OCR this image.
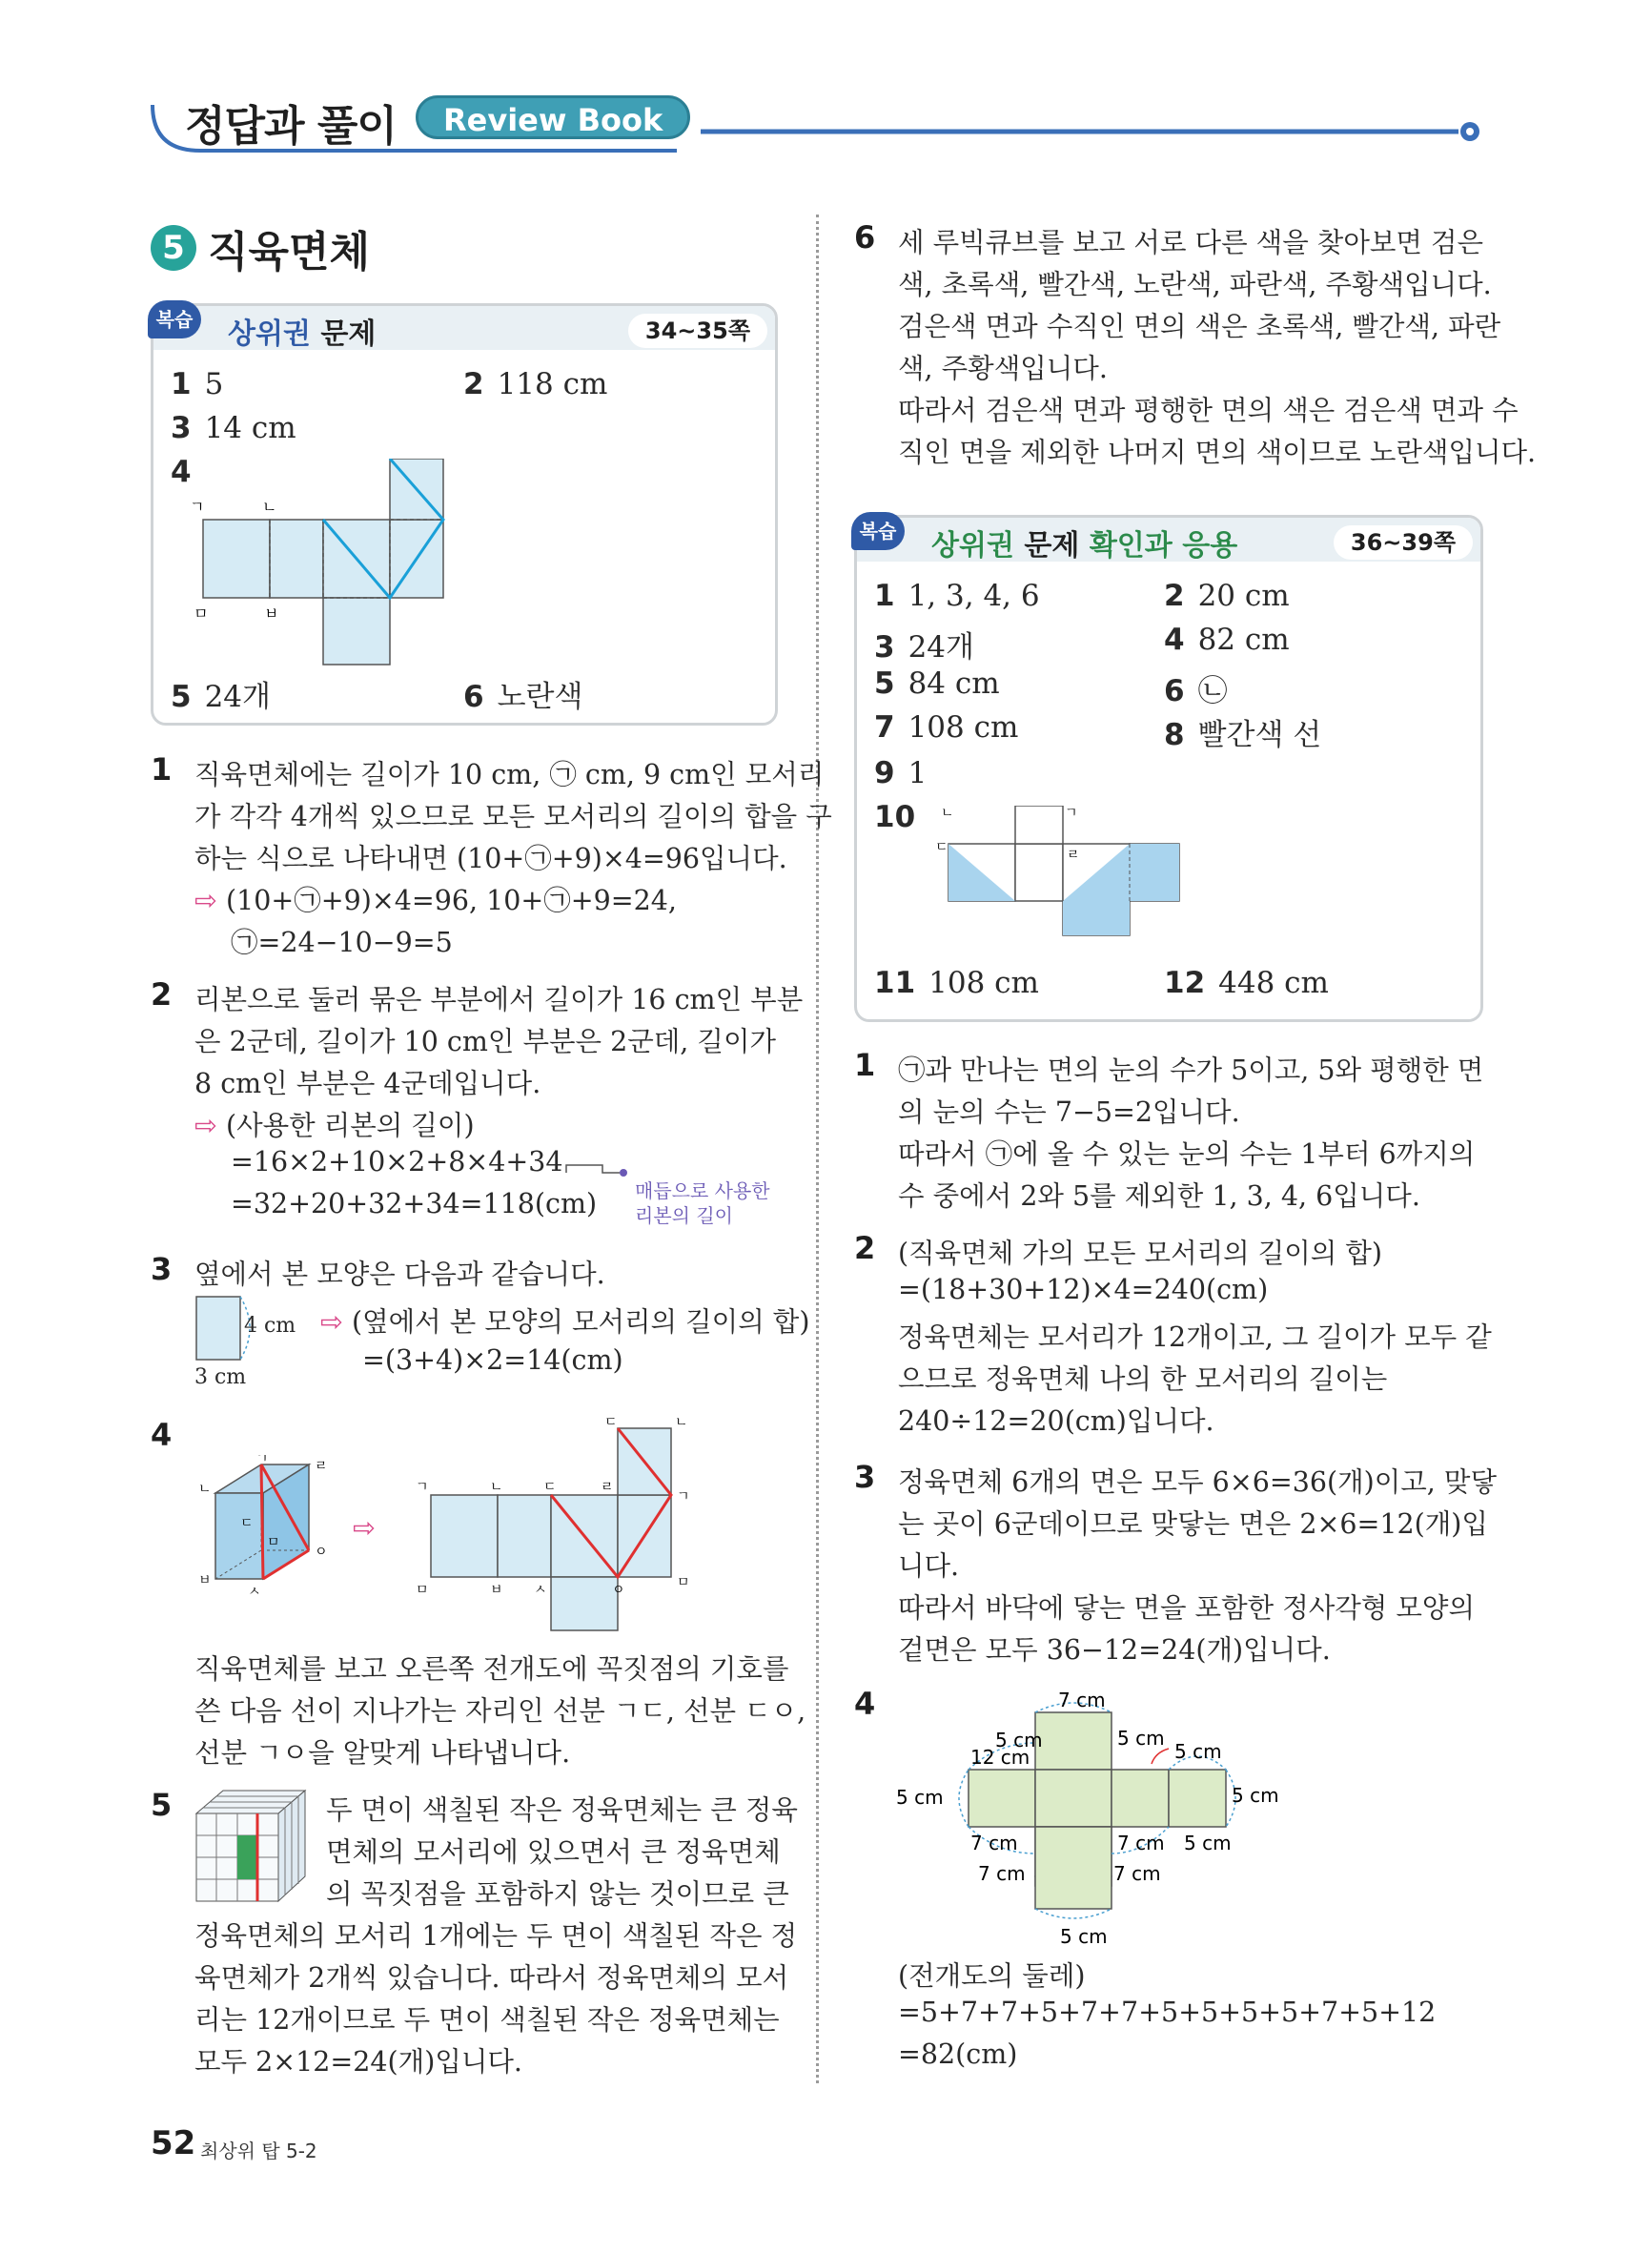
정답과 풀이	Review Book
5 직육면체
복습 상위권 문제	34~35쪽
1 5	2 118 cm
3 14 cm
4
5 24개	6 노란색
ㄱ	ㄴ
ㅁ	ㅂ
1 직육면체에는 길이가 10 cm, ㉠ cm, 9 cm인 모서리
가 각각 4개씩 있으므로 모든 모서리의 길이의 합을 구
하는 식으로 나타내면 (10+㉠+9)×4=96입니다.
⇨ (10+㉠+9)×4=96, 10+㉠+9=24,
㉠=24−10−9=5
2 리본으로 둘러 묶은 부분에서 길이가 16 cm인 부분
은 2군데, 길이가 10 cm인 부분은 2군데, 길이가
8 cm인 부분은 4군데입니다.
⇨ (사용한 리본의 길이)
=16×2+10×2+8×4+34
=32+20+32+34=118(cm) 매듭으로 사용한
리본의 길이
3 옆에서 본 모양은 다음과 같습니다.
4 cm
3 cm
⇨ (옆에서 본 모양의 모서리의 길이의 합)
=(3+4)×2=14(cm)
4
ㄱ
ㄴ
ㄷ
ㄹ
ㅁ
ㅂ
ㅅ
ㅇ
⇨
ㄱ	ㄴ	ㄷ	ㄹ
ㄷ	ㄴ
ㄱ
ㅁ	ㅂ ㅅ	ㅇ	ㅁ
직육면체를 보고 오른쪽 전개도에 꼭짓점의 기호를
쓴 다음 선이 지나가는 자리인 선분 ㄱㄷ, 선분 ㄷㅇ,
선분 ㄱㅇ을 알맞게 나타냅니다.
5	두 면이 색칠된 작은 정육면체는 큰 정육
면체의 모서리에 있으면서 큰 정육면체
의 꼭짓점을 포함하지 않는 것이므로 큰
정육면체의 모서리 1개에는 두 면이 색칠된 작은 정
육면체가 2개씩 있습니다. 따라서 정육면체의 모서
리는 12개이므로 두 면이 색칠된 작은 정육면체는
모두 2×12=24(개)입니다.
6 세 루빅큐브를 보고 서로 다른 색을 찾아보면 검은
색, 초록색, 빨간색, 노란색, 파란색, 주황색입니다.
검은색 면과 수직인 면의 색은 초록색, 빨간색, 파란
색, 주황색입니다.
따라서 검은색 면과 평행한 면의 색은 검은색 면과 수
직인 면을 제외한 나머지 면의 색이므로 노란색입니다.
복습 상위권 문제 확인과 응용	36~39쪽
1 1, 3, 4, 6	2 20 cm
3 24개	4 82 cm
5 84 cm	6 ㉡
7 108 cm	8 빨간색 선
9 1
10
11 108 cm	12 448 cm
ㄴ	ㄱ
ㄷ	ㄹ
1 ㉠과 만나는 면의 눈의 수가 5이고, 5와 평행한 면
의 눈의 수는 7−5=2입니다.
따라서 ㉠에 올 수 있는 눈의 수는 1부터 6까지의
수 중에서 2와 5를 제외한 1, 3, 4, 6입니다.
2 (직육면체 가의 모든 모서리의 길이의 합)
=(18+30+12)×4=240(cm)
정육면체는 모서리가 12개이고, 그 길이가 모두 같
으므로 정육면체 나의 한 모서리의 길이는
240÷12=20(cm)입니다.
3 정육면체 6개의 면은 모두 6×6=36(개)이고, 맞닿
는 곳이 6군데이므로 맞닿는 면은 2×6=12(개)입
니다.
따라서 바닥에 닿는 면을 포함한 정사각형 모양의
겉면은 모두 36−12=24(개)입니다.
4	7 cm
12 cm
5 cm	5 cm
5 cm
5 cm	5 cm
7 cm
7 cm
7 cm
7 cm
5 cm
5 cm
(전개도의 둘레)
=5+7+7+5+7+7+5+5+5+5+7+5+12
=82(cm)
52 최상위 탑 5-2
